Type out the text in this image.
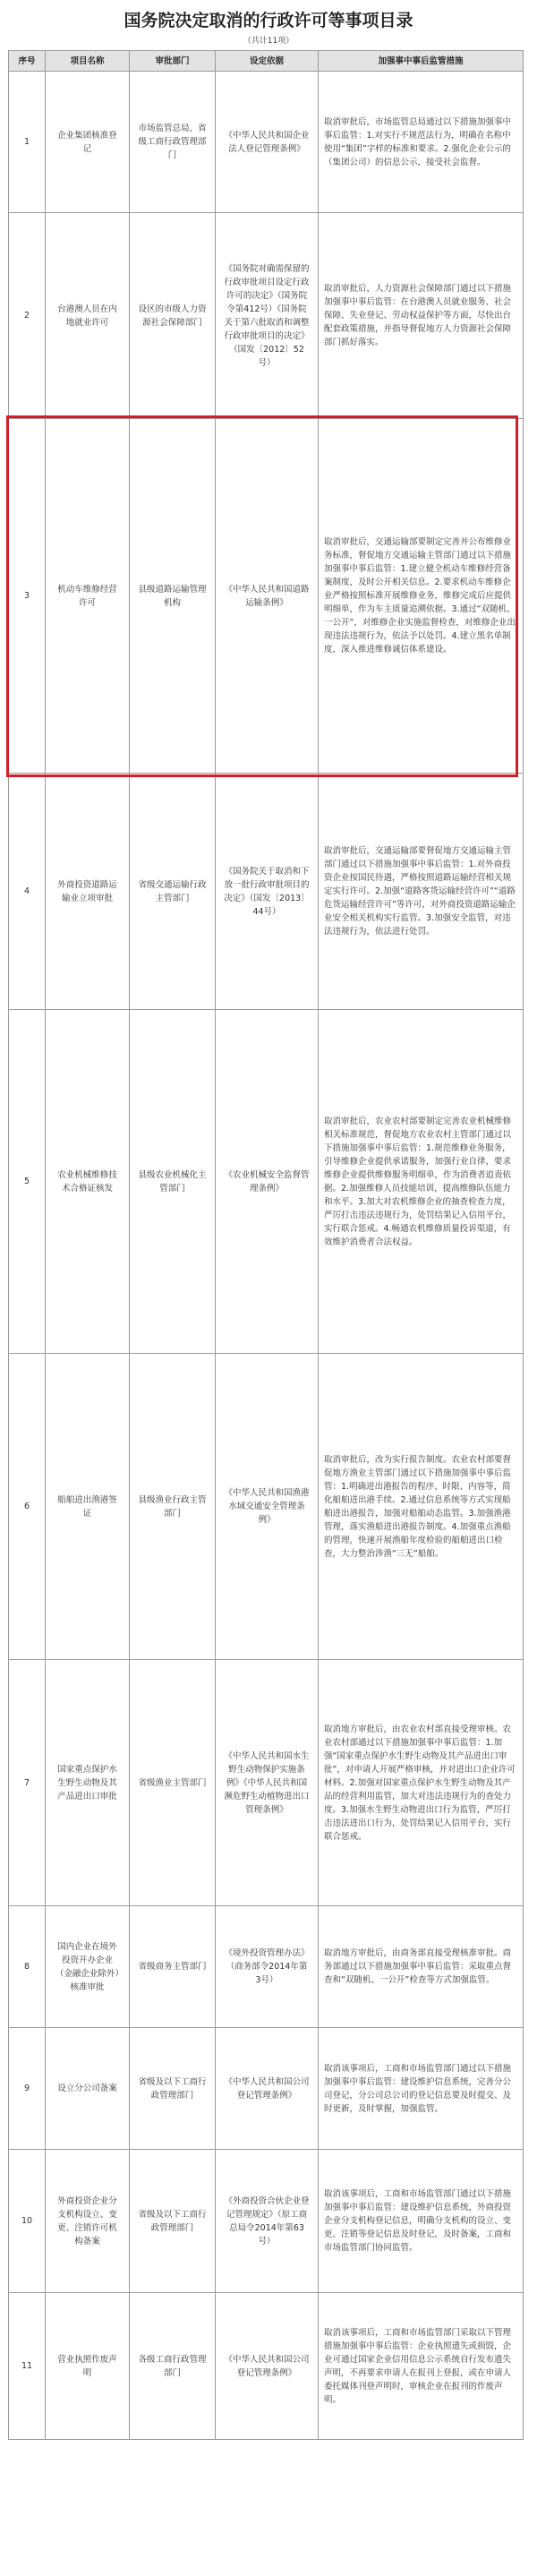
国务院决定取消的行政许可等事项目录
（共计11项）
序号	项目名称	审批部门	设定依据	加强事中事后监管措施
1	企业集团核准登记	市场监管总局，省级工商行政管理部门	《中华人民共和国企业法人登记管理条例》	取消审批后，市场监管总局通过以下措施加强事中事后监管：1.对实行不规范法行为，明确在名称中使用“集团”字样的标准和要求。2.强化企业公示的（集团公司）的信息公示，接受社会监督。
2	台港澳人员在内地就业许可	设区的市级人力资源社会保障部门	《国务院对确需保留的行政审批项目设定行政许可的决定》（国务院令第412号）《国务院关于第六批取消和调整行政审批项目的决定》（国发〔2012〕52号）	取消审批后，人力资源社会保障部门通过以下措施加强事中事后监管：在台港澳人员就业服务、社会保障、失业登记、劳动权益保护等方面，尽快出台配套政策措施，并指导督促地方人力资源社会保障部门抓好落实。
3	机动车维修经营许可	县级道路运输管理机构	《中华人民共和国道路运输条例》	取消审批后，交通运输部要制定完善并公布维修业务标准，督促地方交通运输主管部门通过以下措施加强事中事后监管：1.建立健全机动车维修经营备案制度，及时公开相关信息。2.要求机动车维修企业严格按照标准开展维修业务，维修完成后应提供明细单，作为车主质量追溯依据。3.通过“双随机、一公开”，对维修企业实施监督检查，对维修企业出现违法违规行为，依法予以处罚。4.建立黑名单制度，深入推进维修诚信体系建设。
4	外商投资道路运输业立项审批	省级交通运输行政主管部门	《国务院关于取消和下放一批行政审批项目的决定》（国发〔2013〕44号）	取消审批后，交通运输部要督促地方交通运输主管部门通过以下措施加强事中事后监管：1.对外商投资企业按国民待遇，严格按照道路运输经营相关规定实行许可。2.加强“道路客货运输经营许可”“道路危货运输经营许可”等许可，对外商投资道路运输企业安全相关机构实行监管。3.加强安全监管，对违法违规行为，依法进行处罚。
5	农业机械维修技术合格证核发	县级农业机械化主管部门	《农业机械安全监督管理条例》	取消审批后，农业农村部要制定完善农业机械维修相关标准规范，督促地方农业农村主管部门通过以下措施加强事中事后监管：1.规范维修业务服务，引导维修企业提供承诺服务，加强行业自律，要求维修企业提供维修服务明细单，作为消费者追责依据。2.加强维修人员技能培训，提高维修队伍能力和水平。3.加大对农机维修企业的抽查检查力度，严厉打击违法违规行为，处罚结果记入信用平台，实行联合惩戒。4.畅通农机维修质量投诉渠道，有效维护消费者合法权益。
6	船舶进出渔港签证	县级渔业行政主管部门	《中华人民共和国渔港水域交通安全管理条例》	取消审批后，改为实行报告制度。农业农村部要督促地方渔业主管部门通过以下措施加强事中事后监管：1.明确进出港报告的程序、时限、内容等，简化船舶进出港手续。2.通过信息系统等方式实现船舶进出港报告，加强对船舶动态监管。3.加强渔港管理，落实渔船进出港报告制度。4.加强重点渔船的管理，快速开展渔船年度检验的船舶进出口检查，大力整治涉渔“三无”船舶。
7	国家重点保护水生野生动物及其产品进出口审批	省级渔业主管部门	《中华人民共和国水生野生动物保护实施条例》《中华人民共和国濒危野生动植物进出口管理条例》	取消地方审批后，由农业农村部直接受理审核。农业农村部通过以下措施加强事中事后监管：1.加强“国家重点保护水生野生动物及其产品进出口审批”，对申请人开展严格审核，并对进出口企业许可材料。2.加强对国家重点保护水生野生动物及其产品的经营利用监管，加大对违法违规行为的查处力度。3.加强水生野生动物进出口行为监管，严厉打击违法进出口行为，处罚结果记入信用平台，实行联合惩戒。
8	国内企业在境外投资开办企业（金融企业除外）核准审批	省级商务主管部门	《境外投资管理办法》（商务部令2014年第3号）	取消地方审批后，由商务部直接受理核准审批。商务部通过以下措施加强事中事后监管：采取重点督查和“双随机、一公开”检查等方式加强监管。
9	设立分公司备案	省级及以下工商行政管理部门	《中华人民共和国公司登记管理条例》	取消该事项后，工商和市场监管部门通过以下措施加强事中事后监管：建设维护信息系统，完善分公司登记，分公司总公司的登记信息要及时提交、及时更新，及时掌握，加强监管。
10	外商投资企业分支机构设立、变更、注销许可机构备案	省级及以下工商行政管理部门	《外商投资合伙企业登记管理规定》（原工商总局令2014年第63号）	取消该事项后，工商和市场监管部门通过以下措施加强事中事后监管：建设维护信息系统，外商投资企业分支机构登记信息，明确分支机构的设立、变更、注销等登记信息及时登记，及时备案，工商和市场监管部门协同监管。
11	营业执照作废声明	各级工商行政管理部门	《中华人民共和国公司登记管理条例》	取消该事项后，工商和市场监管部门采取以下管理措施加强事中事后监管：企业执照遗失或损毁，企业可通过国家企业信用信息公示系统自行发布遗失声明，不再要求申请人在报刊上登报，或在申请人委托媒体刊登声明时，审核企业在报刊的作废声明。
